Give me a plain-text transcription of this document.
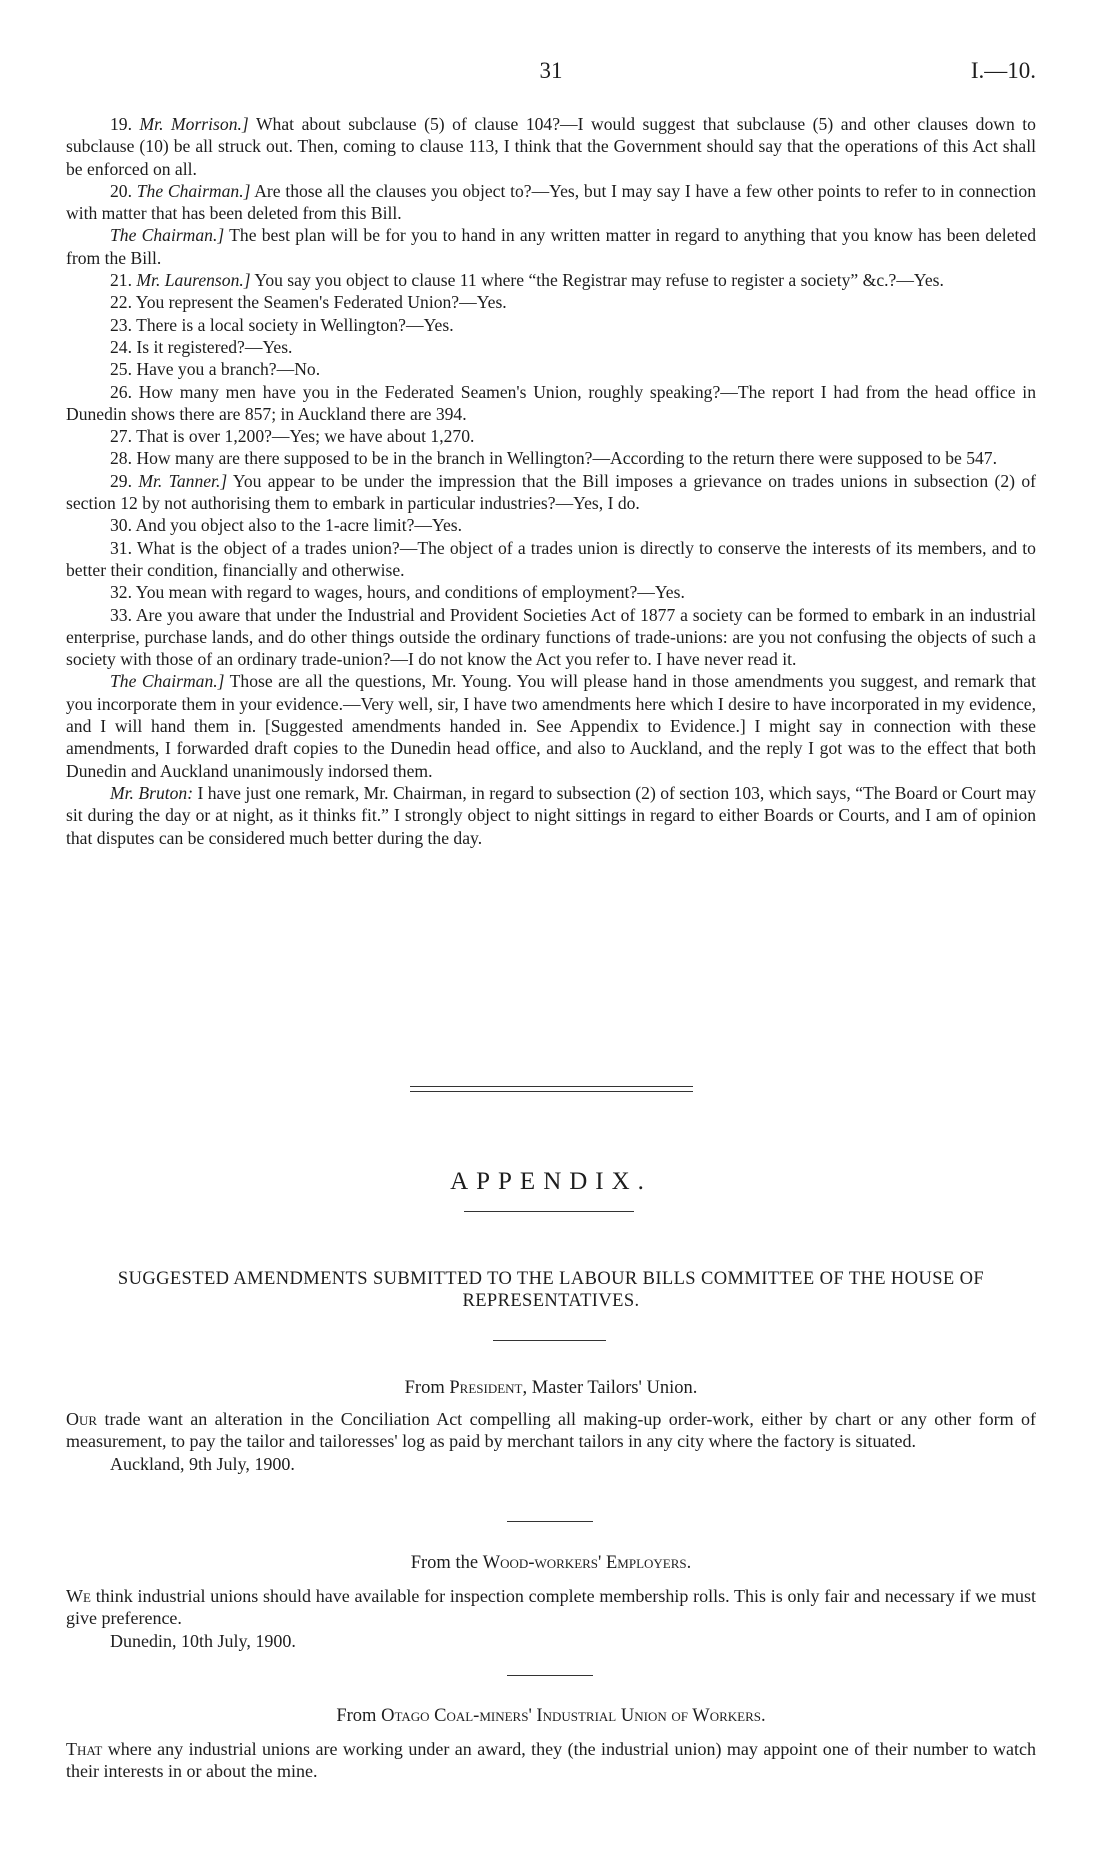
31	I.—10.

19. Mr. Morrison.] What about subclause (5) of clause 104?—I would suggest that subclause (5) and other clauses down to subclause (10) be all struck out. Then, coming to clause 113, I think that the Government should say that the operations of this Act shall be enforced on all.

20. The Chairman.] Are those all the clauses you object to?—Yes, but I may say I have a few other points to refer to in connection with matter that has been deleted from this Bill.

The Chairman.] The best plan will be for you to hand in any written matter in regard to anything that you know has been deleted from the Bill.

21. Mr. Laurenson.] You say you object to clause 11 where “the Registrar may refuse to register a society” &c.?—Yes.

22. You represent the Seamen's Federated Union?—Yes.

23. There is a local society in Wellington?—Yes.

24. Is it registered?—Yes.

25. Have you a branch?—No.

26. How many men have you in the Federated Seamen's Union, roughly speaking?—The report I had from the head office in Dunedin shows there are 857; in Auckland there are 394.

27. That is over 1,200?—Yes; we have about 1,270.

28. How many are there supposed to be in the branch in Wellington?—According to the return there were supposed to be 547.

29. Mr. Tanner.] You appear to be under the impression that the Bill imposes a grievance on trades unions in subsection (2) of section 12 by not authorising them to embark in particular industries?—Yes, I do.

30. And you object also to the 1-acre limit?—Yes.

31. What is the object of a trades union?—The object of a trades union is directly to conserve the interests of its members, and to better their condition, financially and otherwise.

32. You mean with regard to wages, hours, and conditions of employment?—Yes.

33. Are you aware that under the Industrial and Provident Societies Act of 1877 a society can be formed to embark in an industrial enterprise, purchase lands, and do other things outside the ordinary functions of trade-unions: are you not confusing the objects of such a society with those of an ordinary trade-union?—I do not know the Act you refer to. I have never read it.

The Chairman.] Those are all the questions, Mr. Young. You will please hand in those amendments you suggest, and remark that you incorporate them in your evidence.—Very well, sir, I have two amendments here which I desire to have incorporated in my evidence, and I will hand them in. [Suggested amendments handed in. See Appendix to Evidence.] I might say in connection with these amendments, I forwarded draft copies to the Dunedin head office, and also to Auckland, and the reply I got was to the effect that both Dunedin and Auckland unanimously indorsed them.

Mr. Bruton: I have just one remark, Mr. Chairman, in regard to subsection (2) of section 103, which says, “The Board or Court may sit during the day or at night, as it thinks fit.” I strongly object to night sittings in regard to either Boards or Courts, and I am of opinion that disputes can be considered much better during the day.

APPENDIX.
SUGGESTED AMENDMENTS SUBMITTED TO THE LABOUR BILLS COMMITTEE OF THE HOUSE OF REPRESENTATIVES.
From President, Master Tailors' Union.

Our trade want an alteration in the Conciliation Act compelling all making-up order-work, either by chart or any other form of measurement, to pay the tailor and tailoresses' log as paid by merchant tailors in any city where the factory is situated.

Auckland, 9th July, 1900.

From the Wood-workers' Employers.

We think industrial unions should have available for inspection complete membership rolls. This is only fair and necessary if we must give preference.

Dunedin, 10th July, 1900.

From Otago Coal-miners' Industrial Union of Workers.

That where any industrial unions are working under an award, they (the industrial union) may appoint one of their number to watch their interests in or about the mine.
